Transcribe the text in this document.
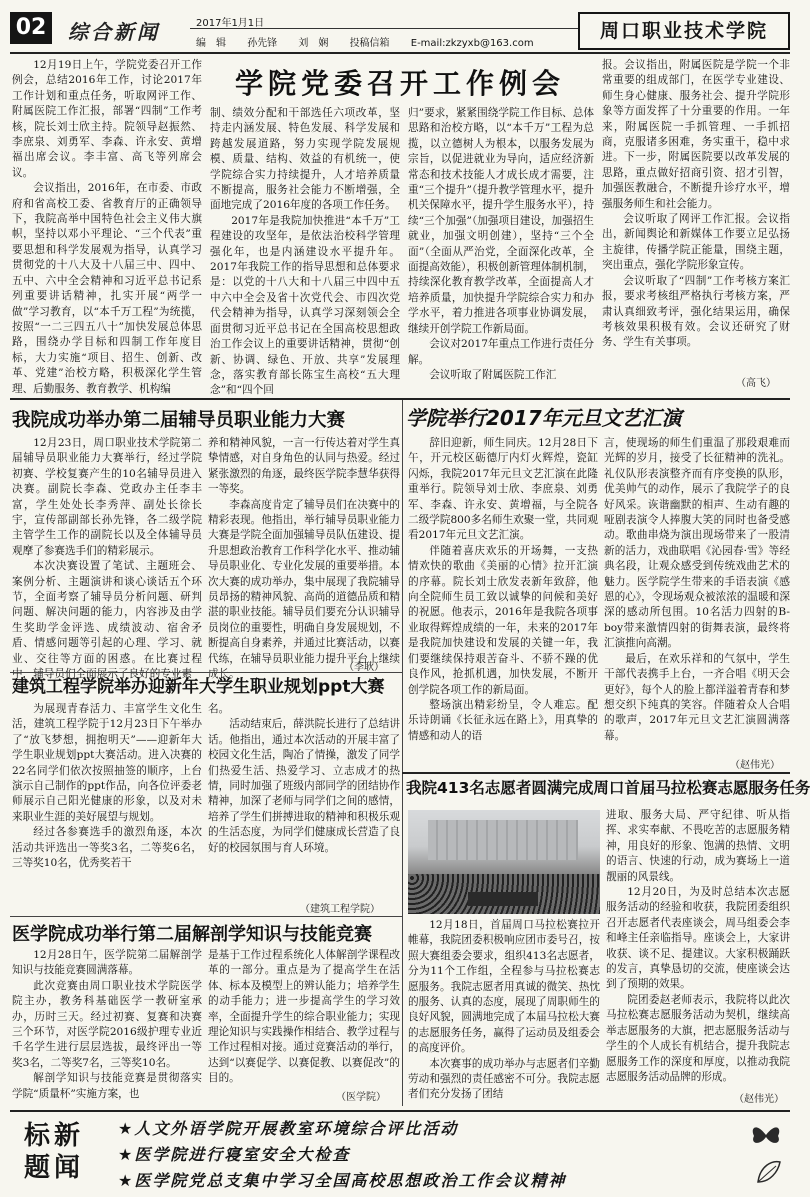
02 综合新闻	2017年1月1日
编　辑 孙先锋 刘　娴 投稿信箱 E-mail:zkzyxb@163.com
周口职业技术学院
学院党委召开工作例会

12月19日上午，学院党委召开工作例会，总结2016年工作，讨论2017年工作计划和重点任务，听取网评工作、附属医院工作汇报，部署“四制”工作考核，院长刘士欣主持。院领导赵振然、李庶泉、刘勇军、李森、许永安、黄增福出席会议。李丰富、高飞等列席会议。

会议指出，2016年，在市委、市政府和省高校工委、省教育厅的正确领导下，我院高举中国特色社会主义伟大旗帜，坚持以邓小平理论、“三个代表”重要思想和科学发展观为指导，认真学习贯彻党的十八大及十八届三中、四中、五中、六中全会精神和习近平总书记系列重要讲话精神，扎实开展“两学一做”学习教育，以“本千万工程”为统揽，按照“一二三四五八十”加快发展总体思路，围绕办学目标和四制工作年度目标，大力实施“项目、招生、创新、改革、党建”治校方略，积极深化学生管理、后勤服务、教育教学、机构编

制、绩效分配和干部选任六项改革，坚持走内涵发展、特色发展、科学发展和跨越发展道路，努力实现学院发展规模、质量、结构、效益的有机统一，使学院综合实力持续提升，人才培养质量不断提高，服务社会能力不断增强，全面地完成了2016年度的各项工作任务。

2017年是我院加快推进“本千万”工程建设的攻坚年，是依法治校科学管理强化年，也是内涵建设水平提升年。2017年我院工作的指导思想和总体要求是：以党的十八大和十八届三中四中五中六中全会及省十次党代会、市四次党代会精神为指导，认真学习深刻领会全面贯彻习近平总书记在全国高校思想政治工作会议上的重要讲话精神，贯彻“创新、协调、绿色、开放、共享”发展理念，落实教育部长陈宝生高校“五大理念”和“四个回

归”要求，紧紧围绕学院工作目标、总体思路和治校方略，以“本千万”工程为总揽，以立德树人为根本，以服务发展为宗旨，以促进就业为导向，适应经济新常态和技术技能人才成长成才需要，注重“三个提升”（提升教学管理水平，提升机关保障水平，提升学生服务水平），持续“三个加强”（加强项目建设，加强招生就业，加强文明创建），坚持“三个全面”（全面从严治党，全面深化改革，全面提高效能），积极创新管理体制机制，持续深化教育教学改革，全面提高人才培养质量，加快提升学院综合实力和办学水平，着力推进各项事业协调发展，继续开创学院工作新局面。

会议对2017年重点工作进行责任分解。

会议听取了附属医院工作汇

报。会议指出，附属医院是学院一个非常重要的组成部门，在医学专业建设、师生身心健康、服务社会、提升学院形象等方面发挥了十分重要的作用。一年来，附属医院一手抓管理、一手抓招商，克服诸多困难，务实重干，稳中求进。下一步，附属医院要以改革发展的思路，重点做好招商引资、招才引智，加强医教融合，不断提升诊疗水平，增强服务师生和社会能力。

会议听取了网评工作汇报。会议指出，新闻舆论和新媒体工作要立足弘扬主旋律，传播学院正能量，围绕主题，突出重点，强化学院形象宣传。

会议听取了“四制”工作考核方案汇报，要求考核组严格执行考核方案，严肃认真细致考评，强化结果运用，确保考核效果积极有效。会议还研究了财务、学生有关事项。

（高飞）
我院成功举办第二届辅导员职业能力大赛

12月23日，周口职业技术学院第二届辅导员职业能力大赛举行，经过学院初赛、学校复赛产生的10名辅导员进入决赛。副院长李森、党政办主任李丰富，学生处处长李秀萍、副处长徐长宇，宣传部副部长孙先锋，各二级学院主管学生工作的副院长以及全体辅导员观摩了参赛选手们的精彩展示。

本次决赛设置了笔试、主题班会、案例分析、主题演讲和谈心谈话五个环节，全面考察了辅导员分析问题、研判问题、解决问题的能力，内容涉及由学生奖助学金评选、成绩波动、宿舍矛盾、情感问题等引起的心理、学习、就业、交往等方面的困惑。在比赛过程中，辅导员们全面展示了良好的专业素

养和精神风貌，一言一行传达着对学生真挚情感，对自身角色的认同与热爱。经过紧张激烈的角逐，最终医学院李慧华获得一等奖。

李森高度肯定了辅导员们在决赛中的精彩表现。他指出，举行辅导员职业能力大赛是学院全面加强辅导员队伍建设、提升思想政治教育工作科学化水平、推动辅导员职业化、专业化发展的重要举措。本次大赛的成功举办，集中展现了我院辅导员昂扬的精神风貌、高尚的道德品质和精湛的职业技能。辅导员们要充分认识辅导员岗位的重要性，明确自身发展规划，不断提高自身素养，并通过比赛活动，以赛代练，在辅导员职业能力提升平台上继续成长。

（李耿）
建筑工程学院举办迎新年大学生职业规划ppt大赛

为展现青春活力、丰富学生文化生活，建筑工程学院于12月23日下午举办了“放飞梦想，拥抱明天”——迎新年大学生职业规划ppt大赛活动。进入决赛的22名同学们依次按照抽签的顺序，上台演示自己制作的ppt作品，向各位评委老师展示自己阳光健康的形象，以及对未来职业生涯的美好展望与规划。

经过各参赛选手的激烈角逐，本次活动共评选出一等奖3名，二等奖6名，三等奖10名，优秀奖若干

名。

活动结束后，薛洪院长进行了总结讲话。他指出，通过本次活动的开展丰富了校园文化生活，陶冶了情操，激发了同学们热爱生活、热爱学习、立志成才的热情，同时加强了班级内部同学的团结协作精神，加深了老师与同学们之间的感情，培养了学生们拼搏进取的精神和积极乐观的生活态度，为同学们健康成长营造了良好的校园氛围与育人环境。

（建筑工程学院）
医学院成功举行第二届解剖学知识与技能竞赛

12月28日午，医学院第二届解剖学知识与技能竞赛圆满落幕。

此次竞赛由周口职业技术学院医学院主办，教务科基础医学一教研室承办，历时三天。经过初赛、复赛和决赛三个环节，对医学院2016级护理专业近千名学生进行层层选拔，最终评出一等奖3名，二等奖7名，三等奖10名。

解剖学知识与技能竞赛是贯彻落实学院“质量杯”实施方案，也

是基于工作过程系统化人体解剖学课程改革的一部分。重点是为了提高学生在活体、标本及模型上的辨认能力；培养学生的动手能力；进一步提高学生的学习效率，全面提升学生的综合职业能力；实现理论知识与实践操作相结合、教学过程与工作过程相对接。通过竞赛活动的举行，达到“以赛促学、以赛促教、以赛促改”的目的。

（医学院）
学院举行2017年元旦文艺汇演

辞旧迎新，师生同庆。12月28日下午，开元校区砺德厅内灯火辉煌，瓷缸闪烁，我院2017年元旦文艺汇演在此隆重举行。院领导刘士欣、李庶泉、刘勇军、李森、许永安、黄增福，与全院各二级学院800多名师生欢聚一堂，共同观看2017年元旦文艺汇演。

伴随着喜庆欢乐的开场舞，一支热情欢快的歌曲《美丽的心情》拉开汇演的序幕。院长刘士欣发表新年致辞，他向全院师生员工致以诚挚的问候和美好的祝愿。他表示，2016年是我院各项事业取得辉煌成绩的一年，未来的2017年是我院加快建设和发展的关键一年，我们要继续保持艰苦奋斗、不骄不躁的优良作风，抢抓机遇，加快发展，不断开创学院各项工作的新局面。

整场演出精彩纷呈，令人难忘。配乐诗朗诵《长征永远在路上》，用真挚的情感和动人的语

言，使现场的师生们重温了那段艰难而光辉的岁月，接受了长征精神的洗礼。礼仪队形表演整齐而有序变换的队形，优美帅气的动作，展示了我院学子的良好风采。诙谐幽默的相声、生动有趣的哑剧表演令人捧腹大笑的同时也备受感动。歌曲串烧为演出现场带来了一股清新的活力，戏曲联唱《沁园春·雪》等经典名段，让观众感受到传统戏曲艺术的魅力。医学院学生带来的手语表演《感恩的心》，令现场观众被浓浓的温暖和深深的感动所包围。10名活力四射的B-boy带来激情四射的街舞表演，最终将汇演推向高潮。

最后，在欢乐祥和的气氛中，学生干部代表携手上台，一齐合唱《明天会更好》，每个人的脸上都洋溢着青春和梦想交织下纯真的笑容。伴随着众人合唱的歌声，2017年元旦文艺汇演圆满落幕。

（赵伟光）
我院413名志愿者圆满完成周口首届马拉松赛志愿服务任务

进取、服务大局、严守纪律、听从指挥、求实奉献、不畏吃苦的志愿服务精神，用良好的形象、饱满的热情、文明的语言、快速的行动，成为赛场上一道靓丽的风景线。

12月20日，为及时总结本次志愿服务活动的经验和收获，我院团委组织召开志愿者代表座谈会，周马组委会李和峰主任亲临指导。座谈会上，大家讲收获、谈不足、提建议。大家积极踊跃的发言，真挚恳切的交流，使座谈会达到了预期的效果。

院团委赵老师表示，我院将以此次马拉松赛志愿服务活动为契机，继续高举志愿服务的大旗，把志愿服务活动与学生的个人成长有机结合，提升我院志愿服务工作的深度和厚度，以推动我院志愿服务活动品牌的形成。

12月18日，首届周口马拉松赛拉开帷幕，我院团委积极响应团市委号召，按照大赛组委会要求，组织413名志愿者，分为11个工作组，全程参与马拉松赛志愿服务。我院志愿者用真诚的微笑、热忱的服务、认真的态度，展现了周职师生的良好风貌，圆满地完成了本届马拉松大赛的志愿服务任务，赢得了运动员及组委会的高度评价。

本次赛事的成功举办与志愿者们辛勤劳动和强烈的责任感密不可分。我院志愿者们充分发扬了团结	（赵伟光）
标新
题闻
★人文外语学院开展教室环境综合评比活动
★医学院进行寝室安全大检查
★医学院党总支集中学习全国高校思想政治工作会议精神
